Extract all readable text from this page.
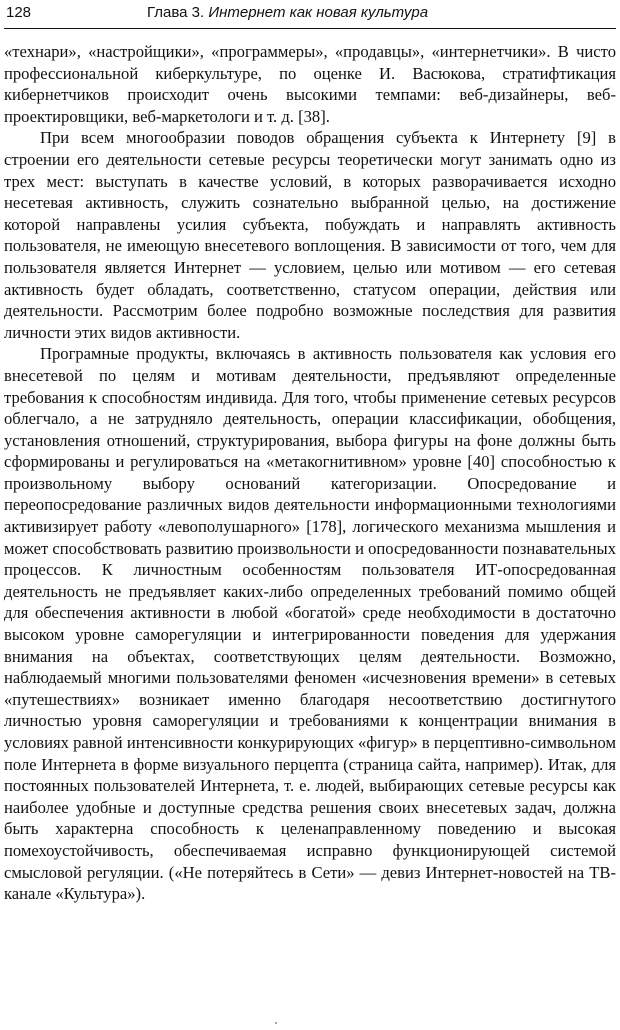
128	Глава 3. Интернет как новая культура

«технари», «настройщики», «программеры», «продавцы», «интернетчики». В чисто профессиональной киберкультуре, по оценке И. Васюкова, стратифтикация кибернетчиков происходит очень высокими темпами: веб-дизайнеры, веб-проектировщики, веб-маркетологи и т. д. [38].

При всем многообразии поводов обращения субъекта к Интернету [9] в строении его деятельности сетевые ресурсы теоретически могут занимать одно из трех мест: выступать в качестве условий, в которых разворачивается исходно несетевая активность, служить сознательно выбранной целью, на достижение которой направлены усилия субъекта, побуждать и направлять активность пользователя, не имеющую внесетевого воплощения. В зависимости от того, чем для пользователя является Интернет — условием, целью или мотивом — его сетевая активность будет обладать, соответственно, статусом операции, действия или деятельности. Рассмотрим более подробно возможные последствия для развития личности этих видов активности.

Програмные продукты, включаясь в активность пользователя как условия его внесетевой по целям и мотивам деятельности, предъявляют определенные требования к способностям индивида. Для того, чтобы применение сетевых ресурсов облегчало, а не затрудняло деятельность, операции классификации, обобщения, установления отношений, структурирования, выбора фигуры на фоне должны быть сформированы и регулироваться на «метакогнитивном» уровне [40] способностью к произвольному выбору оснований категоризации. Опосредование и переопосредование различных видов деятельности информационными технологиями активизирует работу «левополушарного» [178], логического механизма мышления и может способствовать развитию произвольности и опосредованности познавательных процессов. К личностным особенностям пользователя ИТ-опосредованная деятельность не предъявляет каких-либо определенных требований помимо общей для обеспечения активности в любой «богатой» среде необходимости в достаточно высоком уровне саморегуляции и интегрированности поведения для удержания внимания на объектах, соответствующих целям деятельности. Возможно, наблюдаемый многими пользователями феномен «исчезновения времени» в сетевых «путешествиях» возникает именно благодаря несоответствию достигнутого личностью уровня саморегуляции и требованиями к концентрации внимания в условиях равной интенсивности конкурирующих «фигур» в перцептивно-символьном поле Интернета в форме визуального перцепта (страница сайта, например). Итак, для постоянных пользователей Интернета, т. е. людей, выбирающих сетевые ресурсы как наиболее удобные и доступные средства решения своих внесетевых задач, должна быть характерна способность к целенаправленному поведению и высокая помехоустойчивость, обеспечиваемая исправно функционирующей системой смысловой регуляции. («Не потеряйтесь в Сети» — девиз Интернет-новостей на ТВ-канале «Культура»).
